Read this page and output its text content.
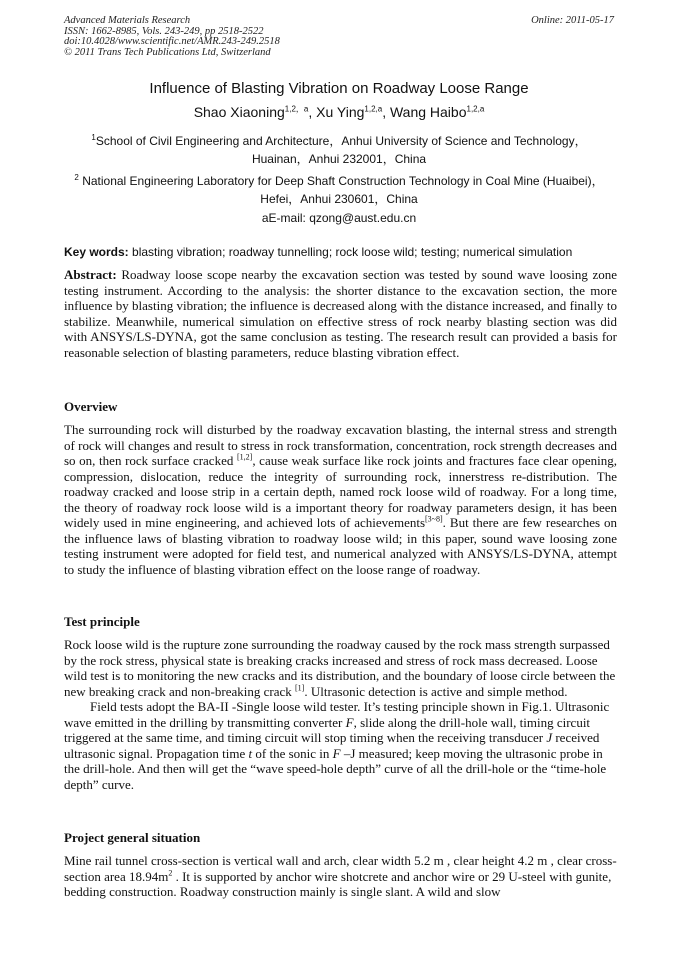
Advanced Materials Research
ISSN: 1662-8985, Vols. 243-249, pp 2518-2522
doi:10.4028/www.scientific.net/AMR.243-249.2518
© 2011 Trans Tech Publications Ltd, Switzerland
Online: 2011-05-17
Influence of Blasting Vibration on Roadway Loose Range
Shao Xiaoning$^{1,2,a}$, Xu Ying$^{1,2,a}$, Wang Haibo$^{1,2,a}$
$^1$School of Civil Engineering and Architecture，Anhui University of Science and Technology，
Huainan，Anhui 232001，China
$^2$ National Engineering Laboratory for Deep Shaft Construction Technology in Coal Mine (Huaibei)，
Hefei，Anhui 230601，China
aE-mail: qzong@aust.edu.cn
Key words: blasting vibration; roadway tunnelling; rock loose wild; testing; numerical simulation
Abstract: Roadway loose scope nearby the excavation section was tested by sound wave loosing zone testing instrument. According to the analysis: the shorter distance to the excavation section, the more influence by blasting vibration; the influence is decreased along with the distance increased, and finally to stabilize. Meanwhile, numerical simulation on effective stress of rock nearby blasting section was did with ANSYS/LS-DYNA, got the same conclusion as testing. The research result can provided a basis for reasonable selection of blasting parameters, reduce blasting vibration effect.
Overview
The surrounding rock will disturbed by the roadway excavation blasting, the internal stress and strength of rock will changes and result to stress in rock transformation, concentration, rock strength decreases and so on, then rock surface cracked [1,2], cause weak surface like rock joints and fractures face clear opening, compression, dislocation, reduce the integrity of surrounding rock, innerstress re-distribution. The roadway cracked and loose strip in a certain depth, named rock loose wild of roadway. For a long time, the theory of roadway rock loose wild is a important theory for roadway parameters design, it has been widely used in mine engineering, and achieved lots of achievements[3~8]. But there are few researches on the influence laws of blasting vibration to roadway loose wild; in this paper, sound wave loosing zone testing instrument were adopted for field test, and numerical analyzed with ANSYS/LS-DYNA, attempt to study the influence of blasting vibration effect on the loose range of roadway.
Test principle
Rock loose wild is the rupture zone surrounding the roadway caused by the rock mass strength surpassed by the rock stress, physical state is breaking cracks increased and stress of rock mass decreased. Loose wild test is to monitoring the new cracks and its distribution, and the boundary of loose circle between the new breaking crack and non-breaking crack [1]. Ultrasonic detection is active and simple method.
Field tests adopt the BA-II -Single loose wild tester. It’s testing principle shown in Fig.1. Ultrasonic wave emitted in the drilling by transmitting converter F, slide along the drill-hole wall, timing circuit triggered at the same time, and timing circuit will stop timing when the receiving transducer J received ultrasonic signal. Propagation time t of the sonic in F –J measured; keep moving the ultrasonic probe in the drill-hole. And then will get the “wave speed-hole depth” curve of all the drill-hole or the “time-hole depth” curve.
Project general situation
Mine rail tunnel cross-section is vertical wall and arch, clear width 5.2 m , clear height 4.2 m , clear cross-section area $18.94m^2$ . It is supported by anchor wire shotcrete and anchor wire or 29 U-steel with gunite, bedding construction. Roadway construction mainly is single slant. A wild and slow
